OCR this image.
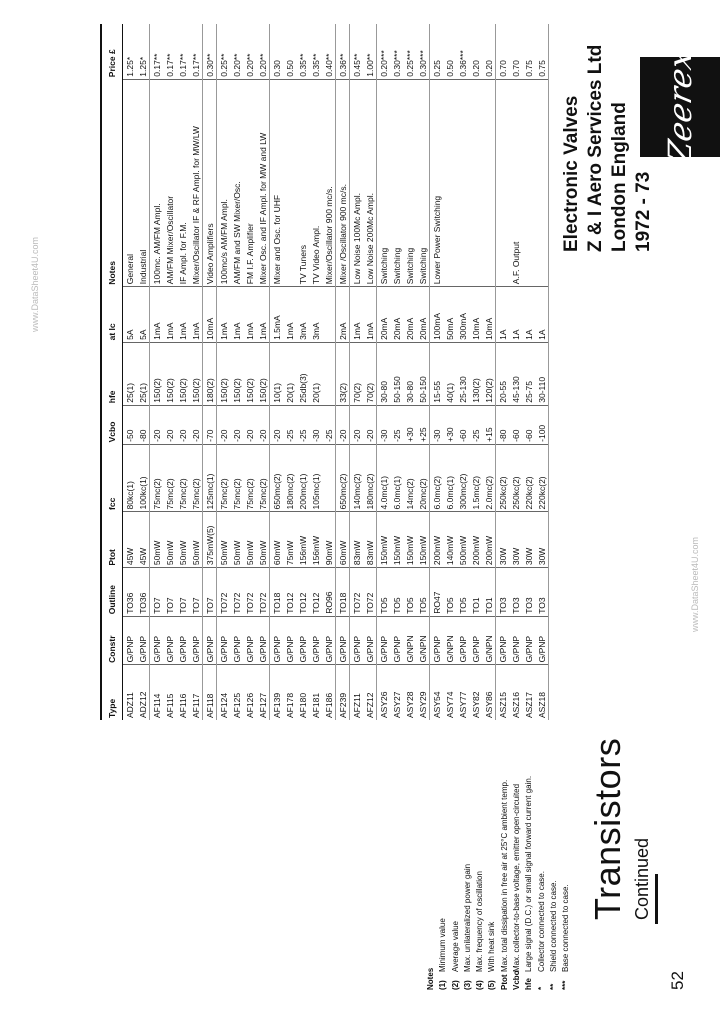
52
Transistors Continued
Notes (1)
Minimum value
(2)
Average value
(3)
Max. unilateralized power gain
(4)
Max. frequency of oscillation
(5)
With heat sink
Ptot
Max. total dissipation in free air at 25°C ambient temp.
Vcbo
Max. collector-to-base voltage, emitter open-circuited
hfe
Large signal (D.C.) or small signal forward current gain.
*
Collector connected to case.
**
Shield connected to case.
***
Base connected to case.
www.DataSheet4U.com
www.DataSheet4U.com
Type	Constr	Outline	Ptot	fcc	Vcbo	hfe	at Ic	Notes	Price £
ADZ11	G/PNP	TO36	45W	80kc(1)	-50	25(1)	5A	General	1.25*
ADZ12	G/PNP	TO36	45W	100kc(1)	-80	25(1)	5A	Industrial	1.25*
AF114	G/PNP	TO7	50mW	75mc(2)	-20	150(2)	1mA	100mc. AM/FM Ampl.	0.17**
AF115	G/PNP	TO7	50mW	75mc(2)	-20	150(2)	1mA	AM/FM Mixer/Oscillator	0.17**
AF116	G/PNP	TO7	50mW	75mc(2)	-20	150(2)	1mA	IF Ampl. for F.M.	0.17**
AF117	G/PNP	TO7	50mW	75mc(2)	-20	150(2)	1mA	Mixer/Oscillator IF & RF Ampl. for MW/LW	0.17**
AF118	G/PNP	TO7	375mW(5)	125mc(1)	-70	180(2)	10mA	Video Amplifiers	0.30**
AF124	G/PNP	TO72	50mW	75mc(2)	-20	150(2)	1mA	100mc/s AM/FM Ampl.	0.25**
AF125	G/PNP	TO72	50mW	75mc(2)	-20	150(2)	1mA	AM/FM and SW Mixer/Osc.	0.20**
AF126	G/PNP	TO72	50mW	75mc(2)	-20	150(2)	1mA	FM I.F. Amplifier	0.20**
AF127	G/PNP	TO72	50mW	75mc(2)	-20	150(2)	1mA	Mixer Osc. and IF Ampl. for MW and LW	0.20**
AF139	G/PNP	TO18	60mW	650mc(2)	-20	10(1)	1.5mA	Mixer and Osc. for UHF	0.30
AF178	G/PNP	TO12	75mW	180mc(2)	-25	20(1)	1mA		0.50
AF180	G/PNP	TO12	156mW	200mc(1)	-25	25db(3)	3mA	TV Tuners	0.35**
AF181	G/PNP	TO12	156mW	105mc(1)	-30	20(1)	3mA	TV Video Ampl.	0.35**
AF186	G/PNP	RO96	90mW		-25			Mixer/Oscillator 900 mc/s.	0.40**
AF239	G/PNP	TO18	60mW	650mc(2)	-20	33(2)	2mA	Mixer /Oscillator 900 mc/s.	0.36**
AFZ11	G/PNP	TO72	83mW	140mc(2)	-20	70(2)	1mA	Low Noise 100Mc Ampl.	0.45**
AFZ12	G/PNP	TO72	83mW	180mc(2)	-20	70(2)	1mA	Low Noise 200Mc Ampl.	1.00**
ASY26	G/PNP	TO5	150mW	4.0mc(1)	-30	30-80	20mA	Switching	0.20***
ASY27	G/PNP	TO5	150mW	6.0mc(1)	-25	50-150	20mA	Switching	0.30***
ASY28	G/NPN	TO5	150mW	14mc(2)	+30	30-80	20mA	Switching	0.25***
ASY29	G/NPN	TO5	150mW	20mc(2)	+25	50-150	20mA	Switching	0.30***
ASY54	G/PNP	RO47	200mW	6.0mc(2)	-30	15-55	100mA	Lower Power Switching	0.25
ASY74	G/NPN	TO5	140mW	6.0mc(1)	+30	40(1)	50mA		0.50
ASY77	G/PNP	TO5	500mW	300mc(2)	-60	25-130	300mA		0.36***
ASY82	G/PNP	TO1	200mW	1.5mc(2)	-25	130(2)	10mA		0.20
ASY86	G/NPN	TO1	200mW	2.0mc(2)	+15	120(2)	10mA		0.20
ASZ15	G/PNP	TO3	30W	250kc(2)	-80	20-55	1A		0.70
ASZ16	G/PNP	TO3	30W	250kc(2)	-60	45-130	1A	A.F. Output	0.70
ASZ17	G/PNP	TO3	30W	220kc(2)	-60	25-75	1A		0.75
ASZ18	G/PNP	TO3	30W	220kc(2)	-100	30-110	1A		0.75
Electronic Valves Z & I Aero Services Ltd London England 1972 - 73
Zeerex
